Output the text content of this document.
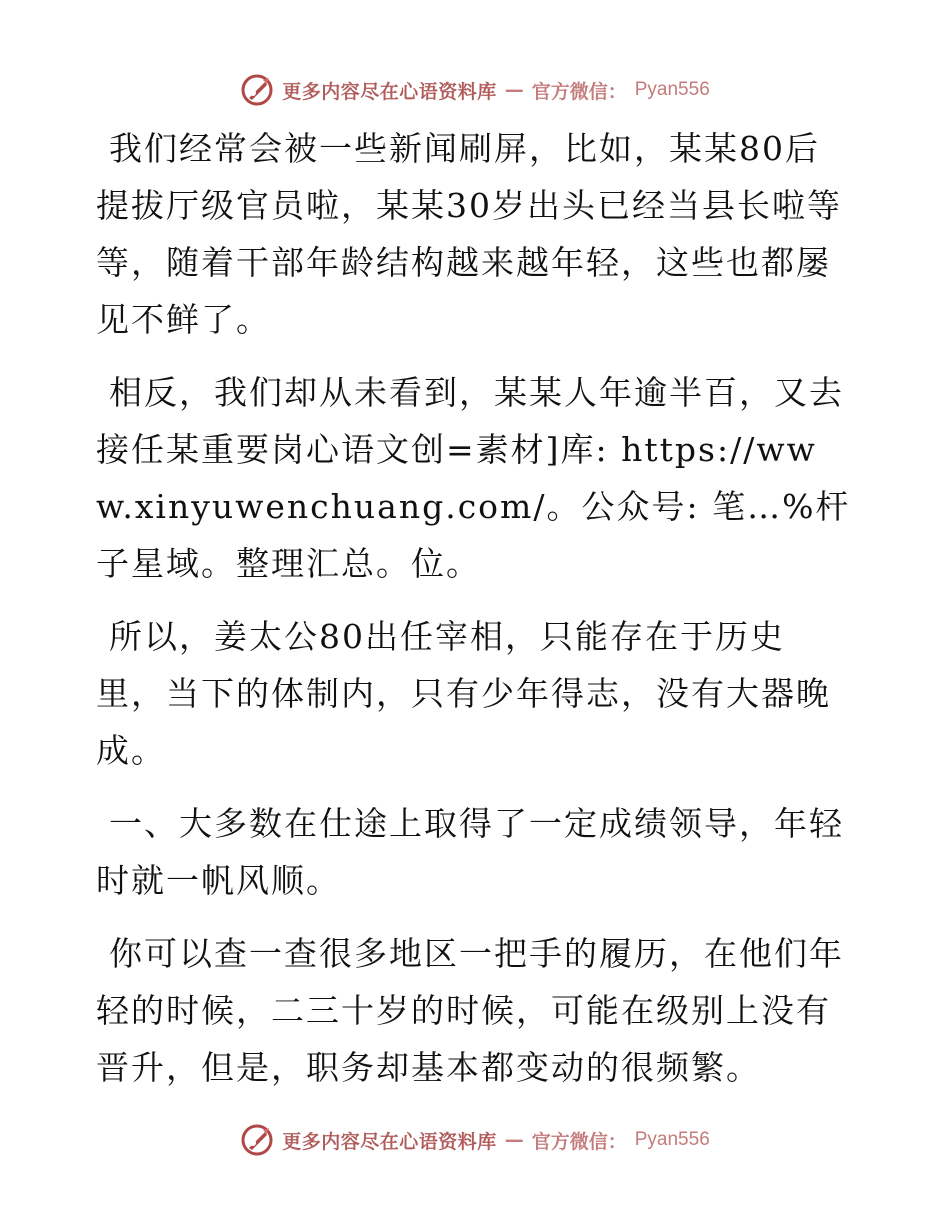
更多内容尽在心语资料库 — 官方微信： Pyan556

我们经常会被一些新闻刷屏，比如，某某80后提拔厅级官员啦，某某30岁出头已经当县长啦等等，随着干部年龄结构越来越年轻，这些也都屡见不鲜了。

相反，我们却从未看到，某某人年逾半百，又去接任某重要岗心语文创=素材]库: https://www.xinyuwenchuang.com/。公众号: 笔…%杆子星域。整理汇总。位。

所以，姜太公80出任宰相，只能存在于历史里，当下的体制内，只有少年得志，没有大器晚成。

一、大多数在仕途上取得了一定成绩领导，年轻时就一帆风顺。

你可以查一查很多地区一把手的履历，在他们年轻的时候，二三十岁的时候，可能在级别上没有晋升，但是，职务却基本都变动的很频繁。

更多内容尽在心语资料库 — 官方微信： Pyan556
